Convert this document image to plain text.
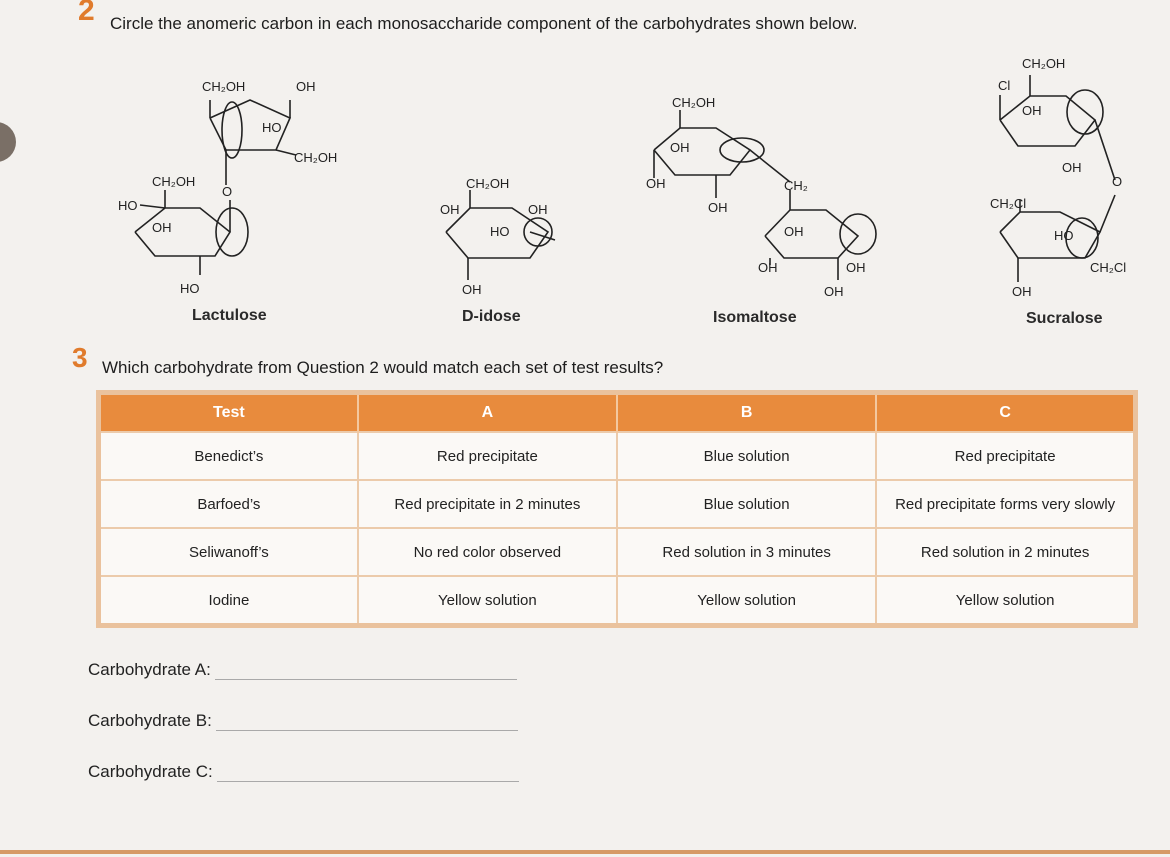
2 Circle the anomeric carbon in each monosaccharide component of the carbohydrates shown below.
CH₂OH	OH
HO
CH₂OH
CH₂OH
O
HO
OH
HO
CH₂OH
OH	OH
HO
OH
CH₂OH
OH
OH
OH
CH₂
OH
OH	OH
OH
CH₂OH
Cl
OH
OH
O
CH₂Cl
HO
CH₂Cl
OH
Lactulose	D-idose	Isomaltose	Sucralose
3 Which carbohydrate from Question 2 would match each set of test results?
Test	A	B	C
Benedict’s	Red precipitate	Blue solution	Red precipitate
Barfoed’s	Red precipitate in 2 minutes	Blue solution	Red precipitate forms very slowly
Seliwanoff’s	No red color observed	Red solution in 3 minutes	Red solution in 2 minutes
Iodine	Yellow solution	Yellow solution	Yellow solution
Carbohydrate A:
Carbohydrate B:
Carbohydrate C:
